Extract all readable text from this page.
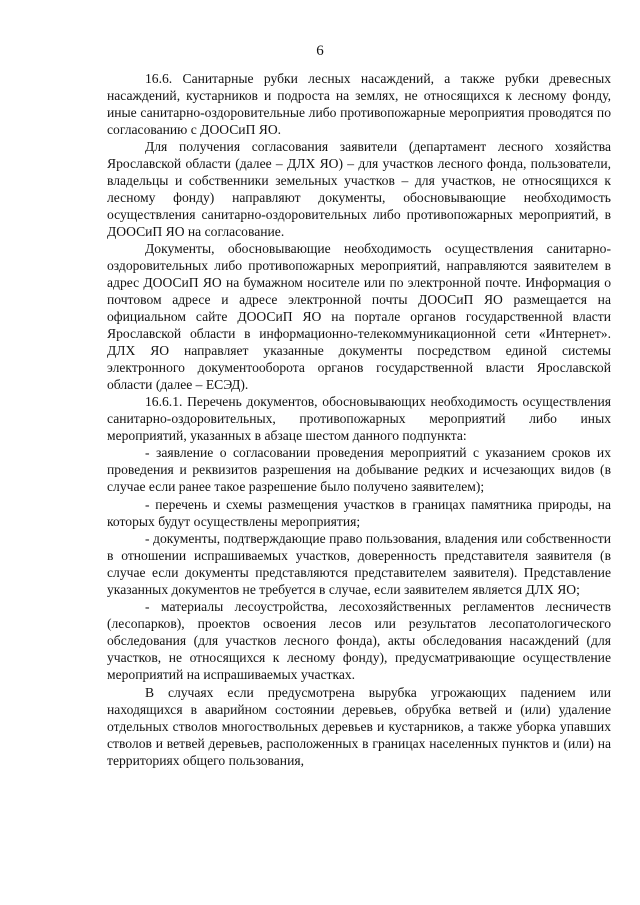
6

16.6. Санитарные рубки лесных насаждений, а также рубки древесных насаждений, кустарников и подроста на землях, не относящихся к лесному фонду, иные санитарно-оздоровительные либо противопожарные мероприятия проводятся по согласованию с ДООСиП ЯО.

Для получения согласования заявители (департамент лесного хозяйства Ярославской области (далее – ДЛХ ЯО) – для участков лесного фонда, пользователи, владельцы и собственники земельных участков – для участков, не относящихся к лесному фонду) направляют документы, обосновывающие необходимость осуществления санитарно-оздоровительных либо противопожарных мероприятий, в ДООСиП ЯО на согласование.

Документы, обосновывающие необходимость осуществления санитарно-оздоровительных либо противопожарных мероприятий, направляются заявителем в адрес ДООСиП ЯО на бумажном носителе или по электронной почте. Информация о почтовом адресе и адресе электронной почты ДООСиП ЯО размещается на официальном сайте ДООСиП ЯО на портале органов государственной власти Ярославской области в информационно-телекоммуникационной сети «Интернет». ДЛХ ЯО направляет указанные документы посредством единой системы электронного документооборота органов государственной власти Ярославской области (далее – ЕСЭД).

16.6.1. Перечень документов, обосновывающих необходимость осуществления санитарно-оздоровительных, противопожарных мероприятий либо иных мероприятий, указанных в абзаце шестом данного подпункта:

- заявление о согласовании проведения мероприятий с указанием сроков их проведения и реквизитов разрешения на добывание редких и исчезающих видов (в случае если ранее такое разрешение было получено заявителем);

- перечень и схемы размещения участков в границах памятника природы, на которых будут осуществлены мероприятия;

- документы, подтверждающие право пользования, владения или собственности в отношении испрашиваемых участков, доверенность представителя заявителя (в случае если документы представляются представителем заявителя). Представление указанных документов не требуется в случае, если заявителем является ДЛХ ЯО;

- материалы лесоустройства, лесохозяйственных регламентов лесничеств (лесопарков), проектов освоения лесов или результатов лесопатологического обследования (для участков лесного фонда), акты обследования насаждений (для участков, не относящихся к лесному фонду), предусматривающие осуществление мероприятий на испрашиваемых участках.

В случаях если предусмотрена вырубка угрожающих падением или находящихся в аварийном состоянии деревьев, обрубка ветвей и (или) удаление отдельных стволов многоствольных деревьев и кустарников, а также уборка упавших стволов и ветвей деревьев, расположенных в границах населенных пунктов и (или) на территориях общего пользования,
